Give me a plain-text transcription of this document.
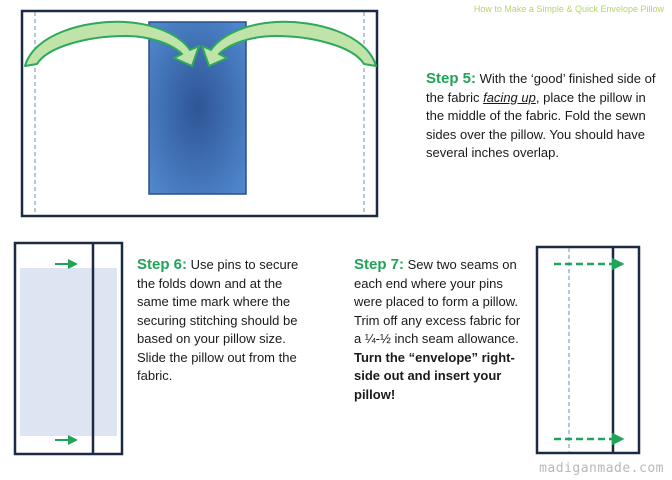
How to Make a Simple & Quick Envelope Pillow
Step 5: With the ‘good’ finished side of the fabric facing up, place the pillow in the middle of the fabric. Fold the sewn sides over the pillow. You should have several inches overlap.
Step 6: Use pins to secure the folds down and at the same time mark where the securing stitching should be based on your pillow size. Slide the pillow out from the fabric.
Step 7: Sew two seams on each end where your pins were placed to form a pillow. Trim off any excess fabric for a ¼-½ inch seam allowance.
Turn the “envelope” right-side out and insert your pillow!
madiganmade.com
